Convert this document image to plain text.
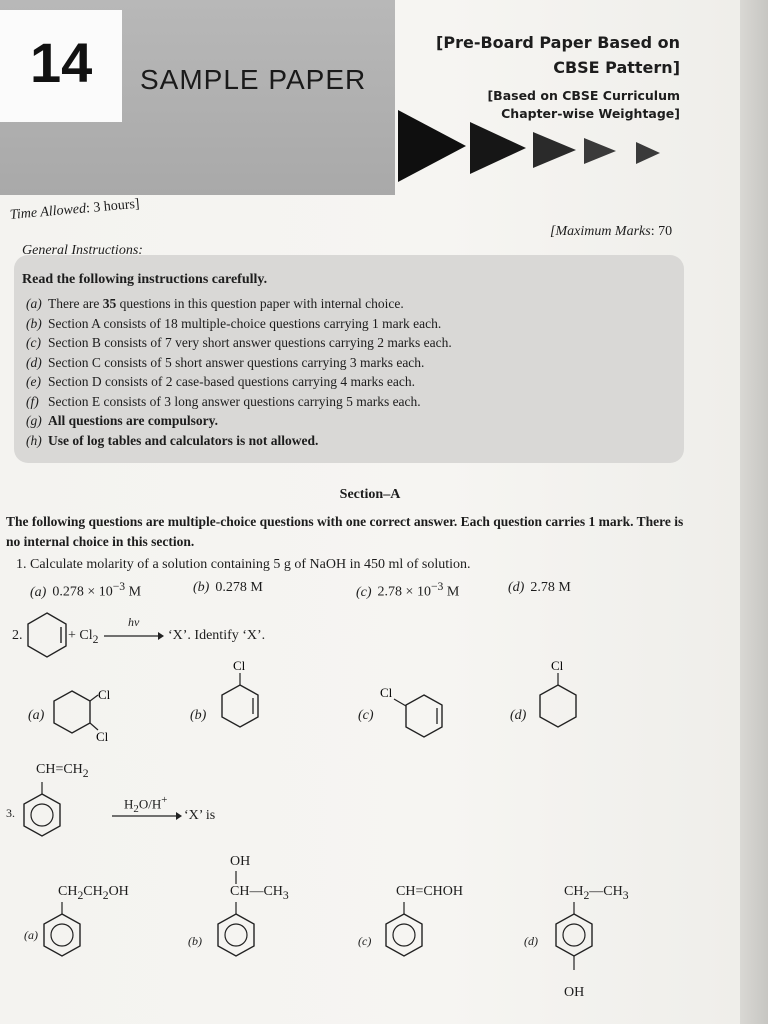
14 SAMPLE PAPER
[Pre-Board Paper Based on
CBSE Pattern]
[Based on CBSE Curriculum
Chapter-wise Weightage]
Time Allowed: 3 hours]
[Maximum Marks: 70
General Instructions:
Read the following instructions carefully.
(a) There are 35 questions in this question paper with internal choice.
(b) Section A consists of 18 multiple-choice questions carrying 1 mark each.
(c) Section B consists of 7 very short answer questions carrying 2 marks each.
(d) Section C consists of 5 short answer questions carrying 3 marks each.
(e) Section D consists of 2 case-based questions carrying 4 marks each.
(f) Section E consists of 3 long answer questions carrying 5 marks each.
(g) All questions are compulsory.
(h) Use of log tables and calculators is not allowed.
Section–A
The following questions are multiple-choice questions with one correct answer. Each question carries 1 mark. There is no internal choice in this section.
1. Calculate molarity of a solution containing 5 g of NaOH in 450 ml of solution.
(a) $0.278 \times 10^{-3}$ M	(b) 0.278 M	(c) $2.78 \times 10^{-3}$ M	(d) 2.78 M
2.	+ $Cl_2$
hv
→ ‘X’. Identify ‘X’.
(a)
Cl
Cl
(b)
Cl
(c)
Cl
(d)
Cl
$CH=CH_2$
3.
$H_2O/H^+$
‘X’ is
$CH_2CH_2OH$
(a)
OH
$CH—CH_3$
(b)
CH=CHOH
(c)
$CH_2—CH_3$
(d)
OH
